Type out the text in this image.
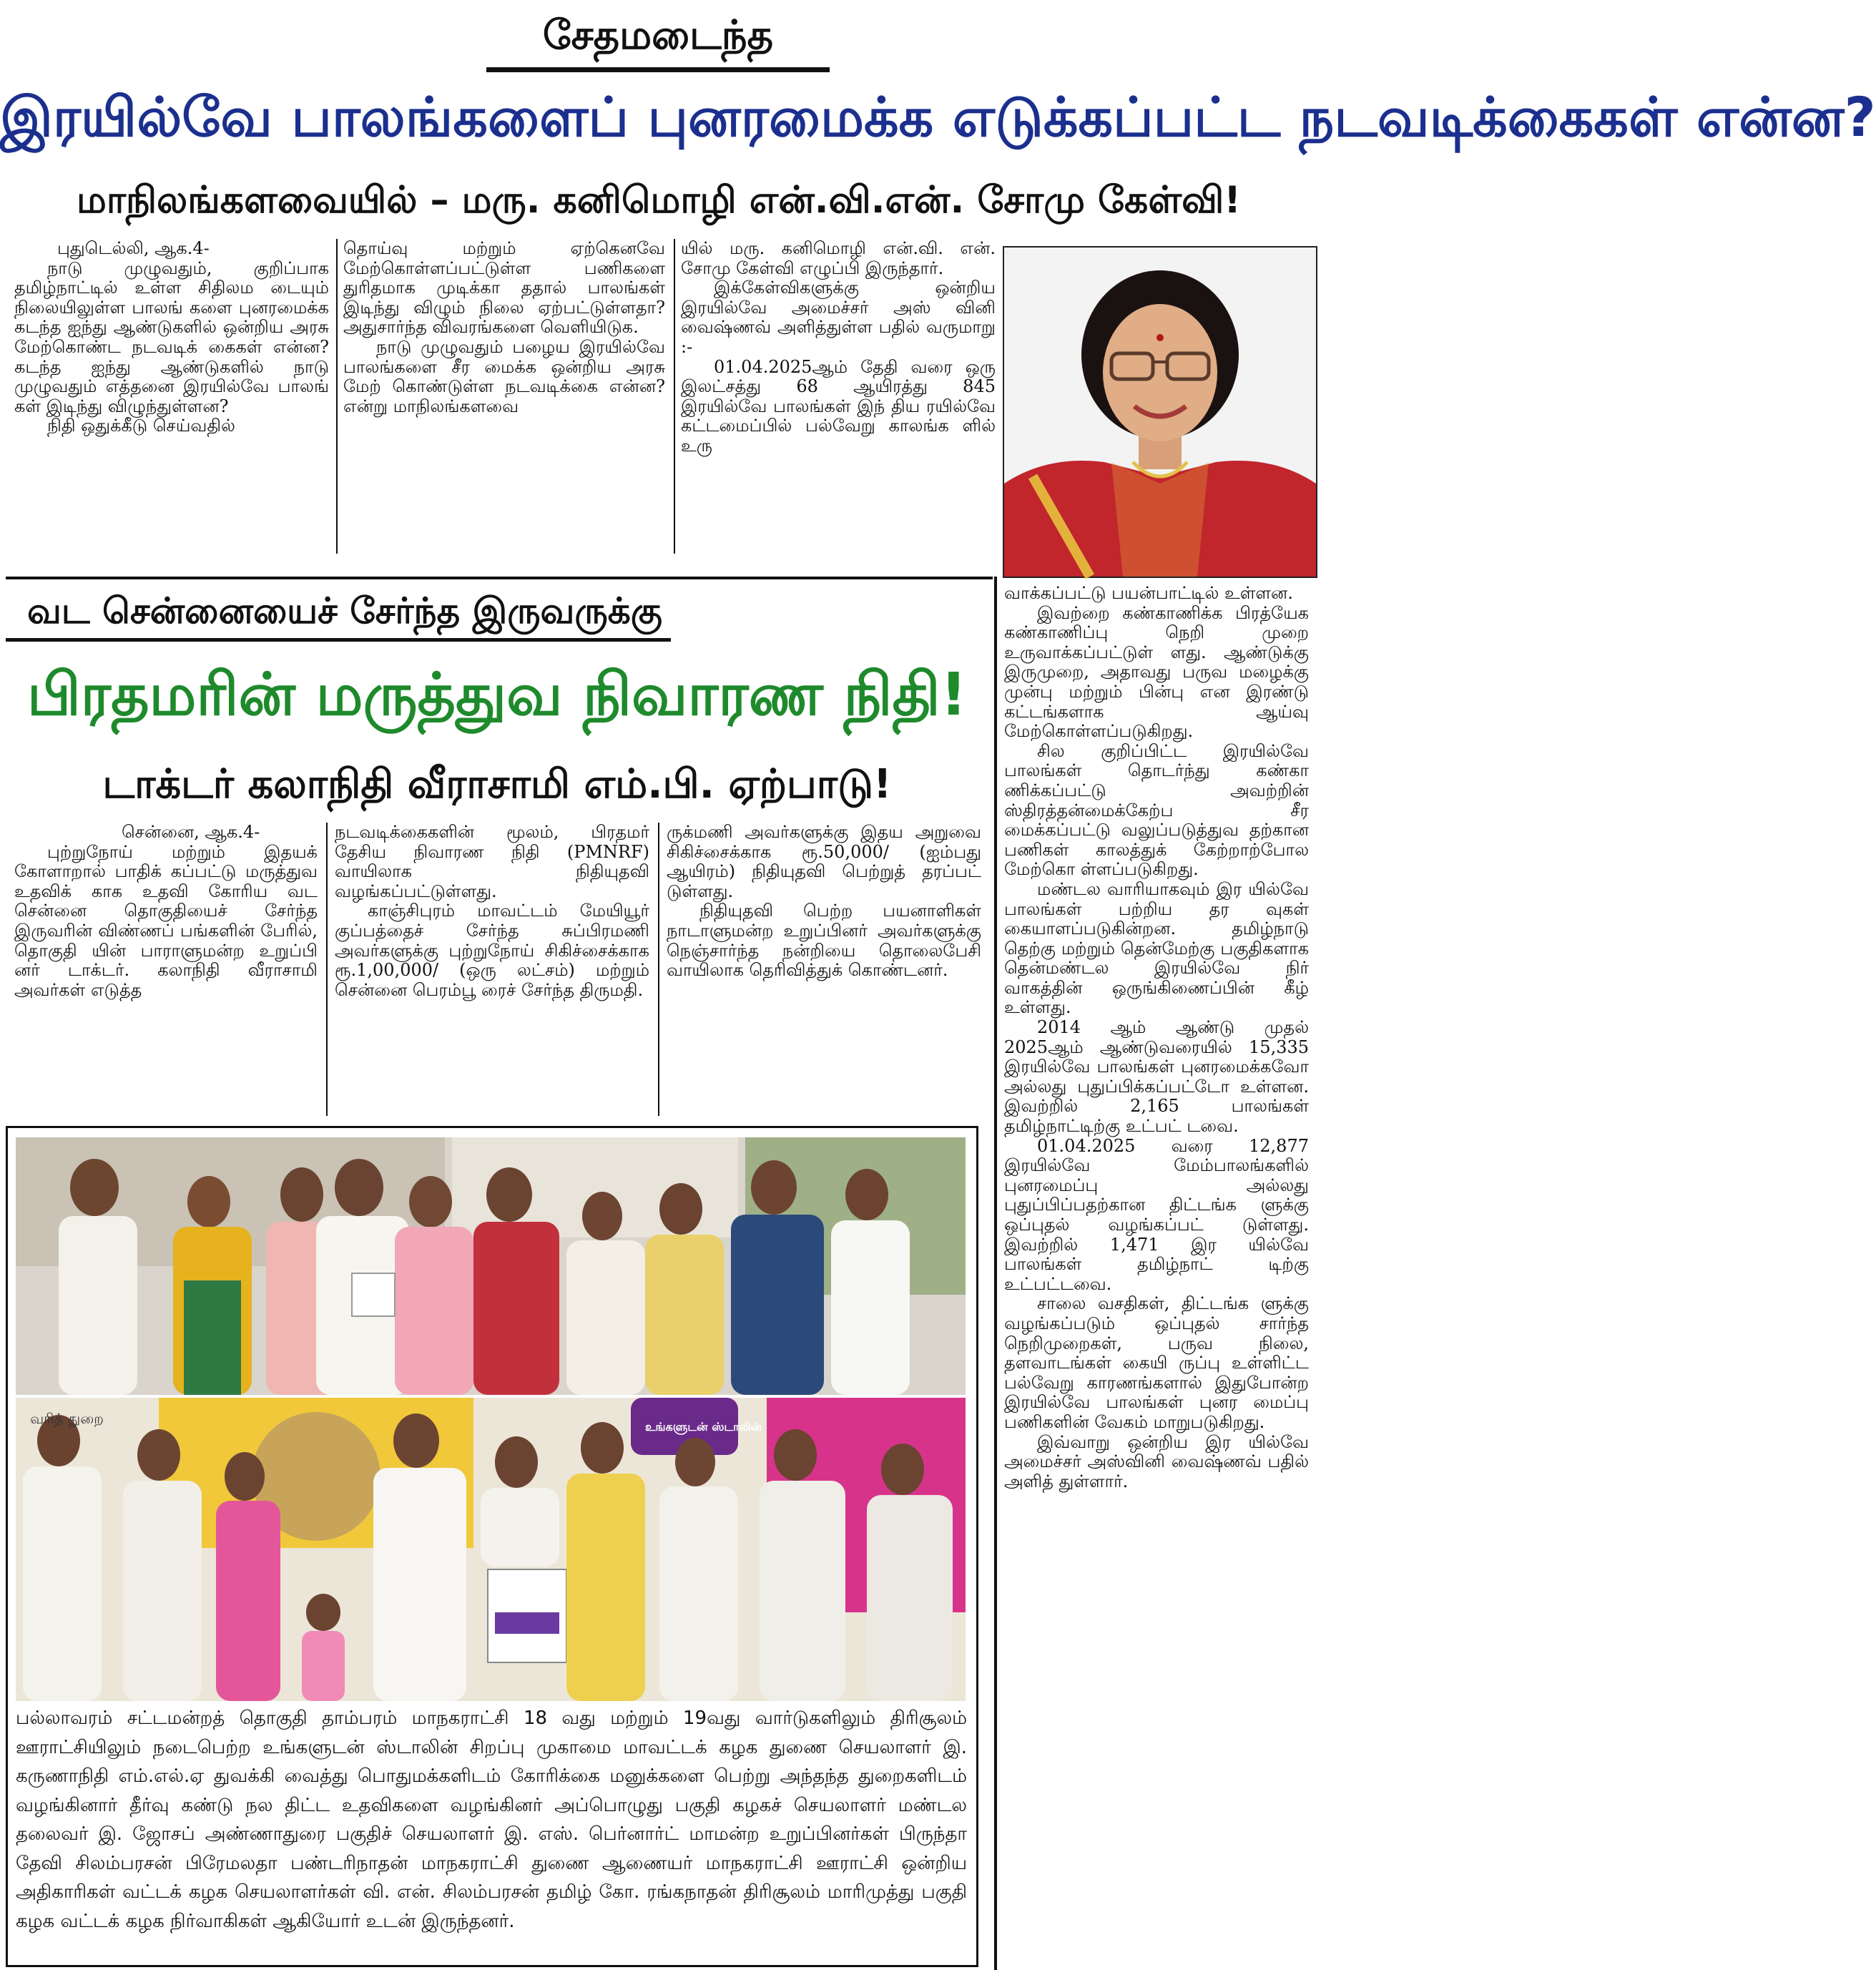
சேதமடைந்த
இரயில்வே பாலங்களைப் புனரமைக்க எடுக்கப்பட்ட நடவடிக்கைகள் என்ன?
மாநிலங்களவையில் – மரு. கனிமொழி என்.வி.என். சோமு கேள்வி!

புதுடெல்லி, ஆக.4-

நாடு முழுவதும், குறிப்பாக தமிழ்நாட்டில் உள்ள சிதிலம டையும் நிலையிலுள்ள பாலங் களை புனரமைக்க கடந்த ஐந்து ஆண்டுகளில் ஒன்றிய அரசு மேற்கொண்ட நடவடிக் கைகள் என்ன? கடந்த ஐந்து ஆண்டுகளில் நாடு முழுவதும் எத்தனை இரயில்வே பாலங் கள் இடிந்து விழுந்துள்ளன?

நிதி ஒதுக்கீடு செய்வதில்

தொய்வு மற்றும் ஏற்கெனவே மேற்கொள்ளப்பட்டுள்ள பணிகளை துரிதமாக முடிக்கா ததால் பாலங்கள் இடிந்து விழும் நிலை ஏற்பட்டுள்ளதா? அதுசார்ந்த விவரங்களை வெளியிடுக.

நாடு முழுவதும் பழைய இரயில்வே பாலங்களை சீர மைக்க ஒன்றிய அரசு மேற் கொண்டுள்ள நடவடிக்கை என்ன? என்று மாநிலங்களவை

யில் மரு. கனிமொழி என்.வி. என். சோமு கேள்வி எழுப்பி இருந்தார்.

இக்கேள்விகளுக்கு ஒன்றிய இரயில்வே அமைச்சர் அஸ் வினி வைஷ்ணவ் அளித்துள்ள பதில் வருமாறு :-

01.04.2025ஆம் தேதி வரை ஒரு இலட்சத்து 68 ஆயிரத்து 845 இரயில்வே பாலங்கள் இந் திய ரயில்வே கட்டமைப்பில் பல்வேறு காலங்க ளில் உரு

வட சென்னையைச் சேர்ந்த இருவருக்கு
பிரதமரின் மருத்துவ நிவாரண நிதி!
டாக்டர் கலாநிதி வீராசாமி எம்.பி. ஏற்பாடு!

சென்னை, ஆக.4-

புற்றுநோய் மற்றும் இதயக் கோளாறால் பாதிக் கப்பட்டு மருத்துவ உதவிக் காக உதவி கோரிய வட சென்னை தொகுதியைச் சேர்ந்த இருவரின் விண்ணப் பங்களின் பேரில், தொகுதி யின் பாராளுமன்ற உறுப்பி னர் டாக்டர். கலாநிதி வீராசாமி அவர்கள் எடுத்த

நடவடிக்கைகளின் மூலம், பிரதமர் தேசிய நிவாரண நிதி (PMNRF) வாயிலாக நிதியுதவி வழங்கப்பட்டுள்ளது.

காஞ்சிபுரம் மாவட்டம் மேயியூர் குப்பத்தைச் சேர்ந்த சுப்பிரமணி அவர்களுக்கு புற்றுநோய் சிகிச்சைக்காக ரூ.1,00,000/ (ஒரு லட்சம்) மற்றும் சென்னை பெரம்பூ ரைச் சேர்ந்த திருமதி.

ருக்மணி அவர்களுக்கு இதய அறுவை சிகிச்சைக்காக ரூ.50,000/ (ஐம்பது ஆயிரம்) நிதியுதவி பெற்றுத் தரப்பட் டுள்ளது.

நிதியுதவி பெற்ற பயனாளிகள் நாடாளுமன்ற உறுப்பினர் அவர்களுக்கு நெஞ்சார்ந்த நன்றியை தொலைபேசி வாயிலாக தெரிவித்துக் கொண்டனர்.

வாக்கப்பட்டு பயன்பாட்டில் உள்ளன.

இவற்றை கண்காணிக்க பிரத்யேக கண்காணிப்பு நெறி முறை உருவாக்கப்பட்டுள் ளது. ஆண்டுக்கு இருமுறை, அதாவது பருவ மழைக்கு முன்பு மற்றும் பின்பு என இரண்டு கட்டங்களாக ஆய்வு மேற்கொள்ளப்படுகிறது.

சில குறிப்பிட்ட இரயில்வே பாலங்கள் தொடர்ந்து கண்கா ணிக்கப்பட்டு அவற்றின் ஸ்திரத்தன்மைக்கேற்ப சீர மைக்கப்பட்டு வலுப்படுத்துவ தற்கான பணிகள் காலத்துக் கேற்றாற்போல மேற்கொ ள்ளப்படுகிறது.

மண்டல வாரியாகவும் இர யில்வே பாலங்கள் பற்றிய தர வுகள் கையாளப்படுகின்றன. தமிழ்நாடு தெற்கு மற்றும் தென்மேற்கு பகுதிகளாக தென்மண்டல இரயில்வே நிர் வாகத்தின் ஒருங்கிணைப்பின் கீழ் உள்ளது.

2014 ஆம் ஆண்டு முதல் 2025ஆம் ஆண்டுவரையில் 15,335 இரயில்வே பாலங்கள் புனரமைக்கவோ அல்லது புதுப்பிக்கப்பட்டோ உள்ளன. இவற்றில் 2,165 பாலங்கள் தமிழ்நாட்டிற்கு உட்பட் டவை.

01.04.2025 வரை 12,877 இரயில்வே மேம்பாலங்களில் புனரமைப்பு அல்லது புதுப்பிப்பதற்கான திட்டங்க ளுக்கு ஒப்புதல் வழங்கப்பட் டுள்ளது. இவற்றில் 1,471 இர யில்வே பாலங்கள் தமிழ்நாட் டிற்கு உட்பட்டவை.

சாலை வசதிகள், திட்டங்க ளுக்கு வழங்கப்படும் ஒப்புதல் சார்ந்த நெறிமுறைகள், பருவ நிலை, தளவாடங்கள் கையி ருப்பு உள்ளிட்ட பல்வேறு காரணங்களால் இதுபோன்ற இரயில்வே பாலங்கள் புனர மைப்பு பணிகளின் வேகம் மாறுபடுகிறது.

இவ்வாறு ஒன்றிய இர யில்வே அமைச்சர் அஸ்வினி வைஷ்ணவ் பதில் அளித் துள்ளார்.

வரித் துறை	உங்களுடன் ஸ்டாலின்
பல்லாவரம் சட்டமன்றத் தொகுதி தாம்பரம் மாநகராட்சி 18 வது மற்றும் 19வது வார்டுகளிலும் திரிசூலம் ஊராட்சியிலும் நடைபெற்ற உங்களுடன் ஸ்டாலின் சிறப்பு முகாமை மாவட்டக் கழக துணை செயலாளர் இ. கருணாநிதி எம்.எல்.ஏ துவக்கி வைத்து பொதுமக்களிடம் கோரிக்கை மனுக்களை பெற்று அந்தந்த துறைகளிடம் வழங்கினார் தீர்வு கண்டு நல திட்ட உதவிகளை வழங்கினர் அப்பொழுது பகுதி கழகச் செயலாளர் மண்டல தலைவர் இ. ஜோசப் அண்ணாதுரை பகுதிச் செயலாளர் இ. எஸ். பெர்னார்ட் மாமன்ற உறுப்பினர்கள் பிருந்தா தேவி சிலம்பரசன் பிரேமலதா பண்டரிநாதன் மாநகராட்சி துணை ஆணையர் மாநகராட்சி ஊராட்சி ஒன்றிய அதிகாரிகள் வட்டக் கழக செயலாளர்கள் வி. என். சிலம்பரசன் தமிழ் கோ. ரங்கநாதன் திரிசூலம் மாரிமுத்து பகுதி கழக வட்டக் கழக நிர்வாகிகள் ஆகியோர் உடன் இருந்தனர்.
